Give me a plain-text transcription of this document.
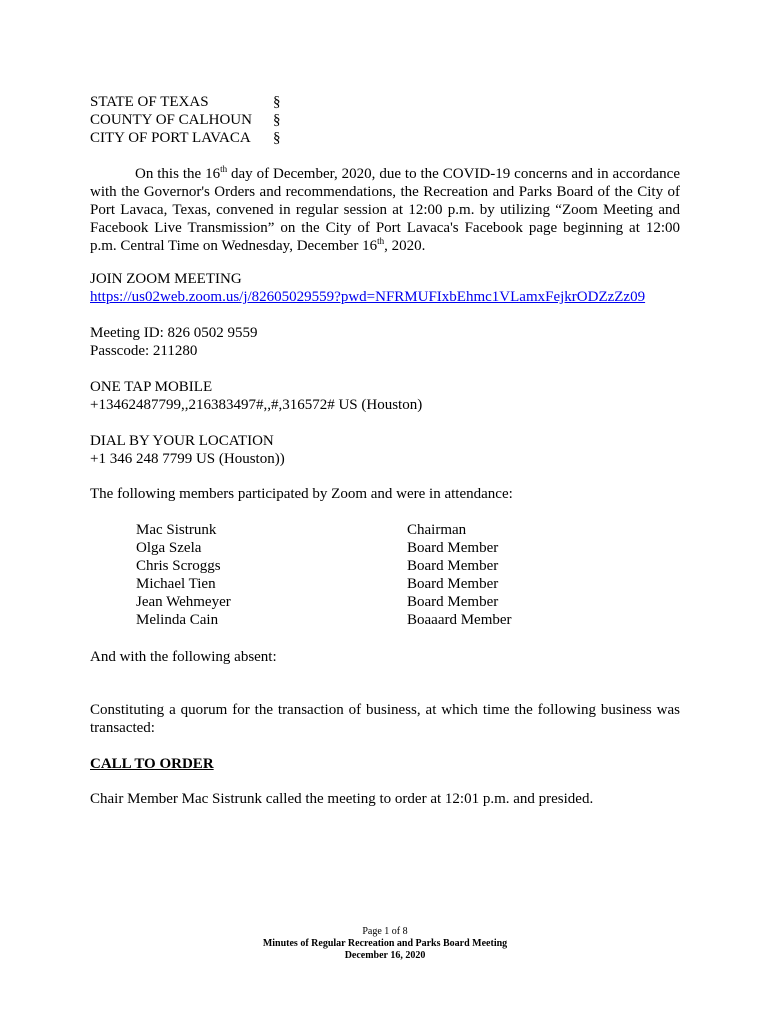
STATE OF TEXAS	§
COUNTY OF CALHOUN §
CITY OF PORT LAVACA §

On this the 16th day of December, 2020, due to the COVID-19 concerns and in accordance with the Governor's Orders and recommendations, the Recreation and Parks Board of the City of Port Lavaca, Texas, convened in regular session at 12:00 p.m. by utilizing “Zoom Meeting and Facebook Live Transmission” on the City of Port Lavaca's Facebook page beginning at 12:00 p.m. Central Time on Wednesday, December 16th, 2020.

JOIN ZOOM MEETING
https://us02web.zoom.us/j/82605029559?pwd=NFRMUFIxbEhmc1VLamxFejkrODZzZz09
Meeting ID: 826 0502 9559
Passcode: 211280
ONE TAP MOBILE
+13462487799,,216383497#,,#,316572# US (Houston)
DIAL BY YOUR LOCATION
+1 346 248 7799 US (Houston))
The following members participated by Zoom and were in attendance:
Mac Sistrunk	Chairman
Olga Szela	Board Member
Chris Scroggs	Board Member
Michael Tien	Board Member
Jean Wehmeyer	Board Member
Melinda Cain	Boaaard Member
And with the following absent:
Constituting a quorum for the transaction of business, at which time the following business was transacted:
CALL TO ORDER
Chair Member Mac Sistrunk called the meeting to order at 12:01 p.m. and presided.
Page 1 of 8
Minutes of Regular Recreation and Parks Board Meeting
December 16, 2020
